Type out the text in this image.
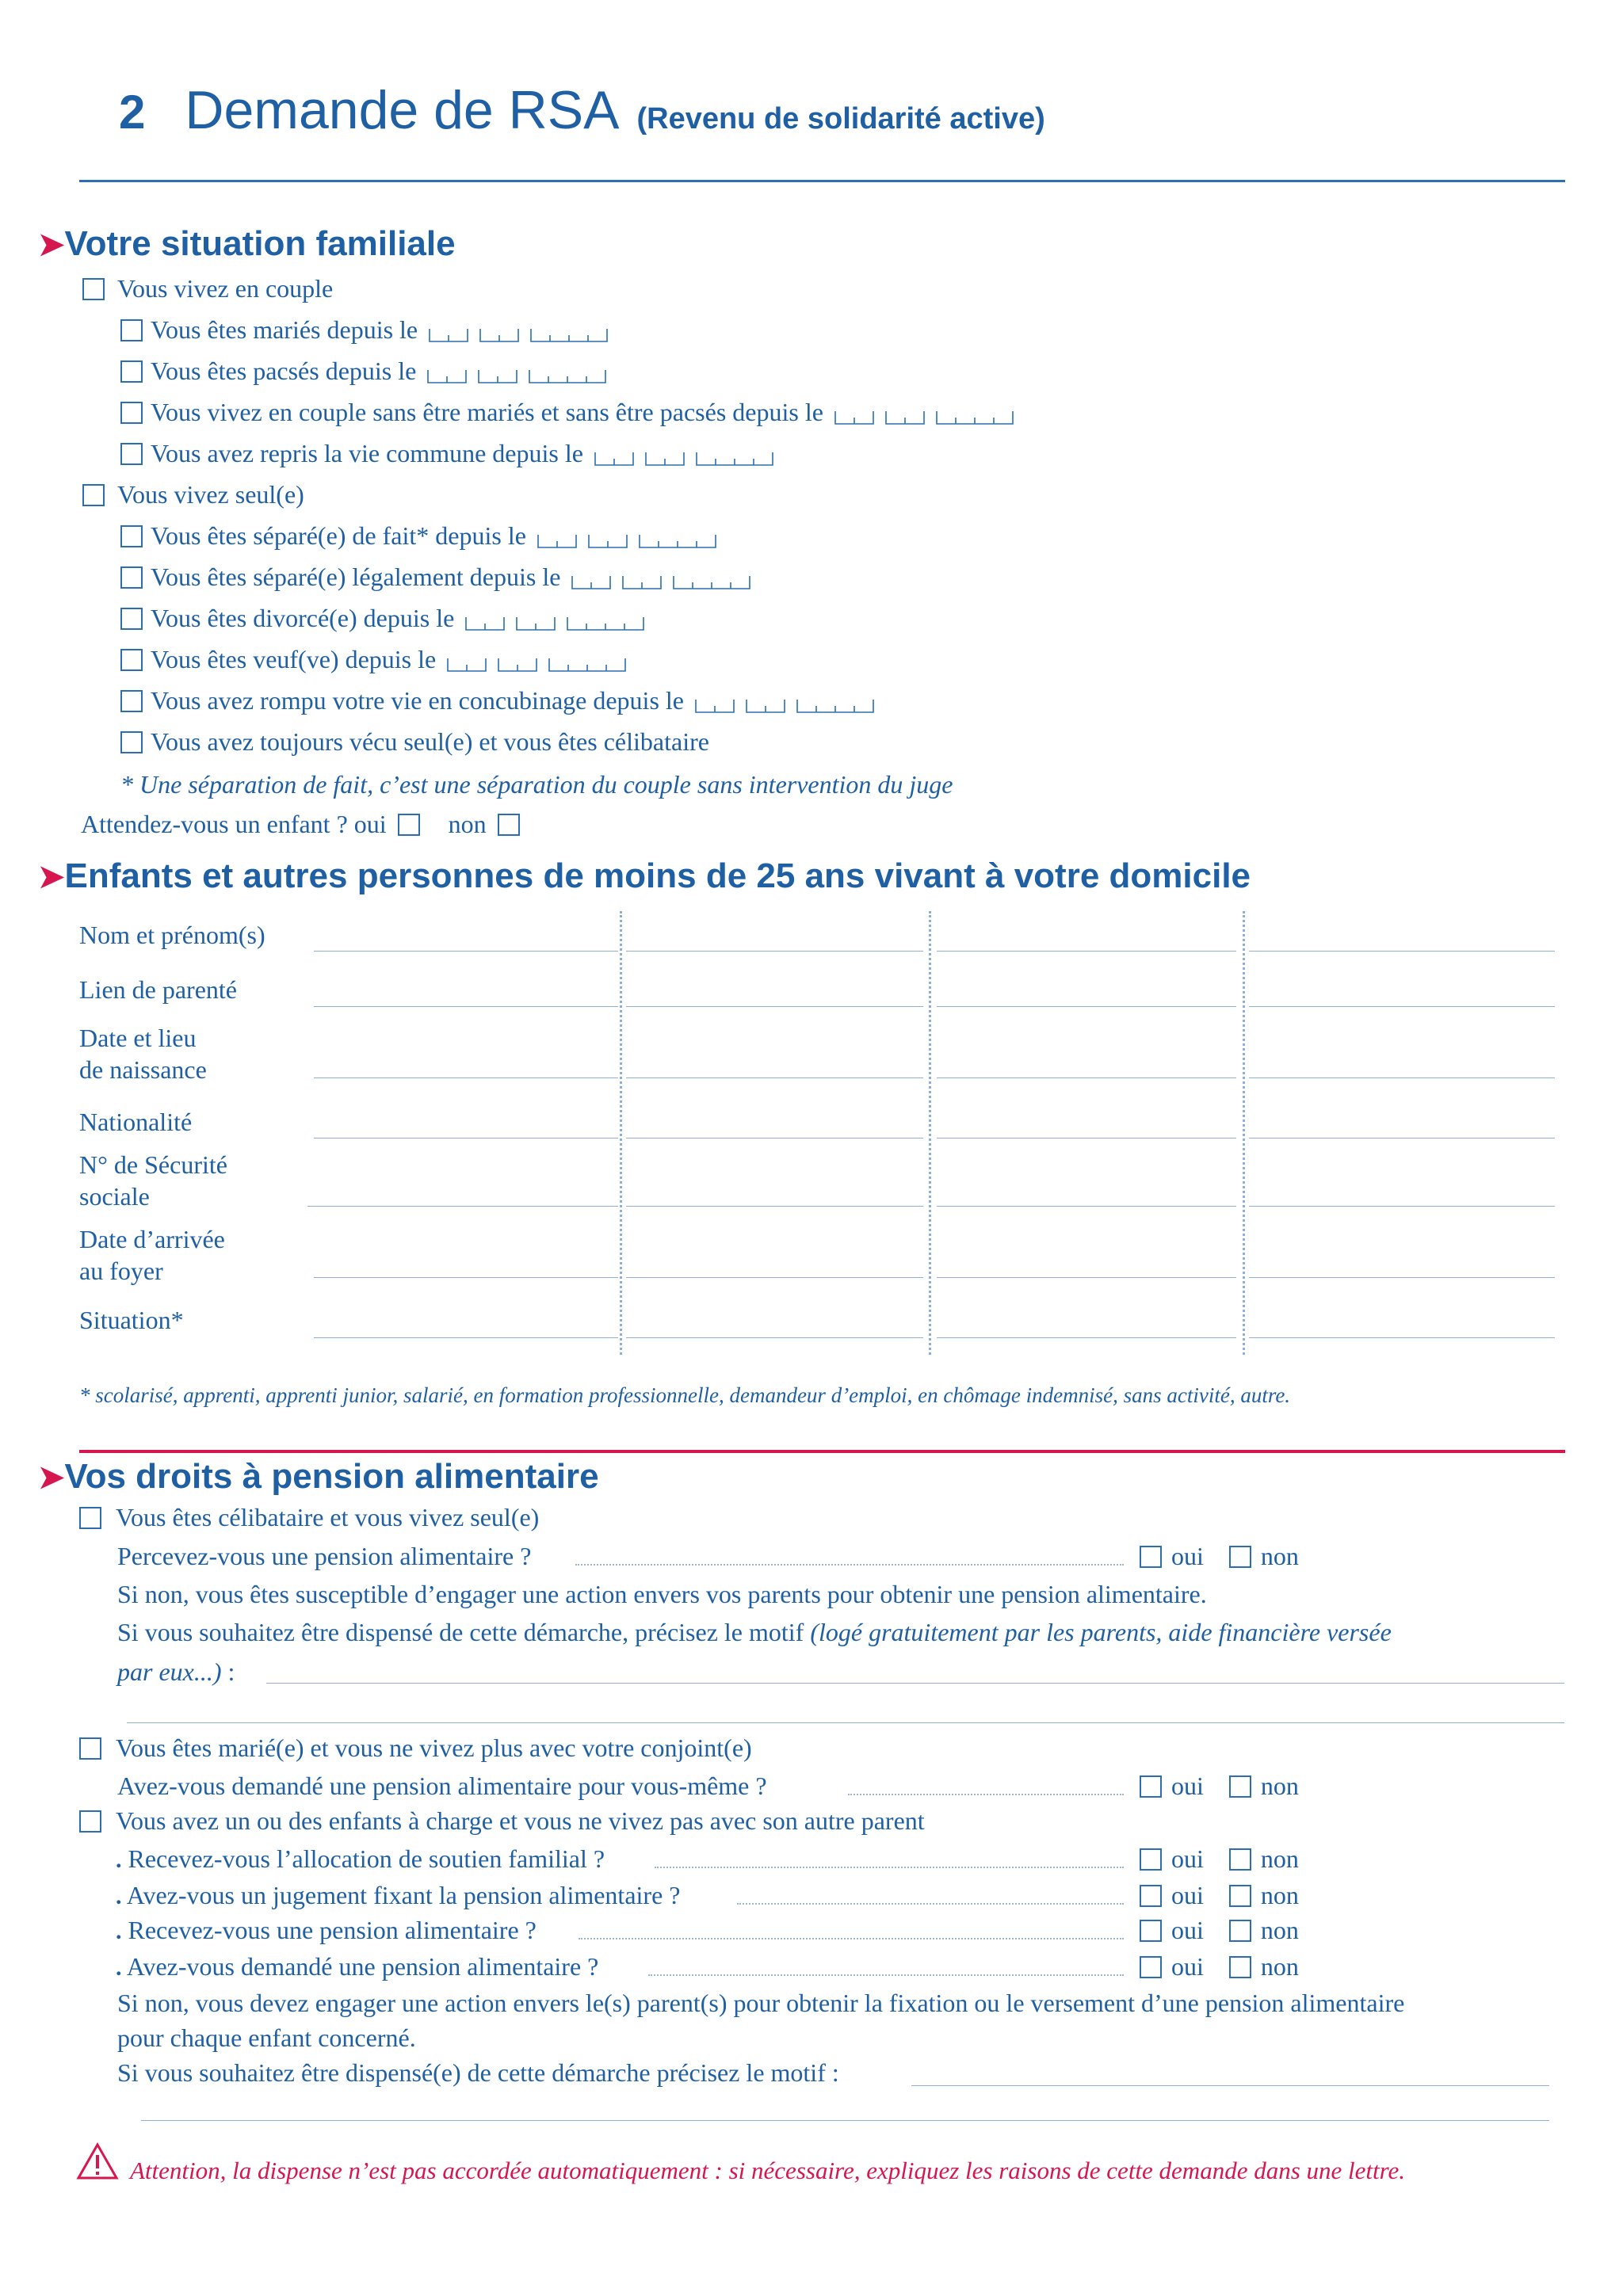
2 Demande de RSA (Revenu de solidarité active)
➤Votre situation familiale
Vous vivez en couple
Vous êtes mariés depuis le
Vous êtes pacsés depuis le
Vous vivez en couple sans être mariés et sans être pacsés depuis le
Vous avez repris la vie commune depuis le
Vous vivez seul(e)
Vous êtes séparé(e) de fait* depuis le
Vous êtes séparé(e) légalement depuis le
Vous êtes divorcé(e) depuis le
Vous êtes veuf(ve) depuis le
Vous avez rompu votre vie en concubinage depuis le
Vous avez toujours vécu seul(e) et vous êtes célibataire
* Une séparation de fait, c’est une séparation du couple sans intervention du juge
Attendez-vous un enfant ? oui non
➤Enfants et autres personnes de moins de 25 ans vivant à votre domicile
Nom et prénom(s)
Lien de parenté
Date et lieu
de naissance
Nationalité
N° de Sécurité
sociale
Date d’arrivée
au foyer
Situation*
* scolarisé, apprenti, apprenti junior, salarié, en formation professionnelle, demandeur d’emploi, en chômage indemnisé, sans activité, autre.
➤Vos droits à pension alimentaire
Vous êtes célibataire et vous vivez seul(e)
Percevez-vous une pension alimentaire ?
Si non, vous êtes susceptible d’engager une action envers vos parents pour obtenir une pension alimentaire.
Si vous souhaitez être dispensé de cette démarche, précisez le motif (logé gratuitement par les parents, aide financière versée
par eux...) :
Vous êtes marié(e) et vous ne vivez plus avec votre conjoint(e)
Avez-vous demandé une pension alimentaire pour vous-même ?
Vous avez un ou des enfants à charge et vous ne vivez pas avec son autre parent
. Recevez-vous l’allocation de soutien familial ?
. Avez-vous un jugement fixant la pension alimentaire ?
. Recevez-vous une pension alimentaire ?
. Avez-vous demandé une pension alimentaire ?
Si non, vous devez engager une action envers le(s) parent(s) pour obtenir la fixation ou le versement d’une pension alimentaire
pour chaque enfant concerné.
Si vous souhaitez être dispensé(e) de cette démarche précisez le motif :
Attention, la dispense n’est pas accordée automatiquement : si nécessaire, expliquez les raisons de cette demande dans une lettre.
oui non
oui non
oui non
oui non
oui non
oui non
